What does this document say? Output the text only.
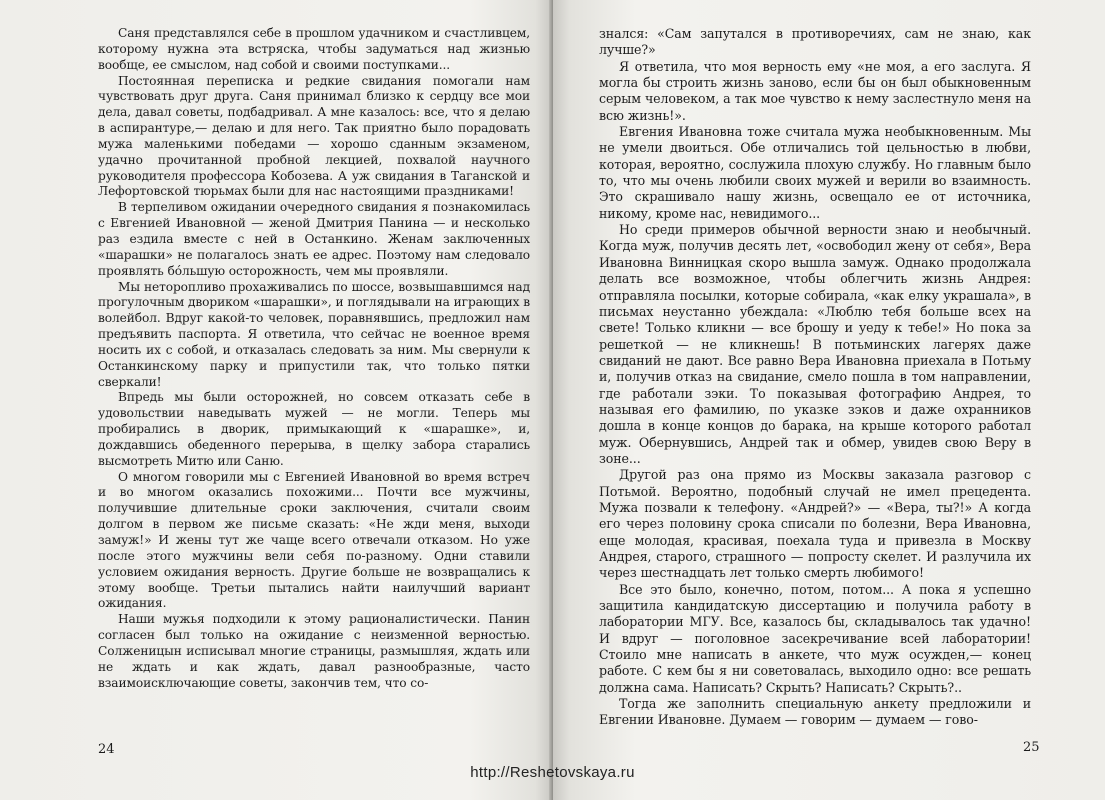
Саня представлялся себе в прошлом удачником и счастливцем, которому нужна эта встряска, чтобы задуматься над жизнью вообще, ее смыслом, над собой и своими поступками...

Постоянная переписка и редкие свидания помогали нам чувствовать друг друга. Саня принимал близко к сердцу все мои дела, давал советы, подбадривал. А мне казалось: все, что я делаю в аспирантуре,— делаю и для него. Так приятно было порадовать мужа маленькими победами — хорошо сданным экзаменом, удачно прочитанной пробной лекцией, похвалой научного руководителя профессора Кобозева. А уж свидания в Таганской и Лефортовской тюрьмах были для нас настоящими праздниками!

В терпеливом ожидании очередного свидания я познакомилась с Евгенией Ивановной — женой Дмитрия Панина — и несколько раз ездила вместе с ней в Останкино. Женам заключенных «шарашки» не полагалось знать ее адрес. Поэтому нам следовало проявлять бóльшую осторожность, чем мы проявляли.

Мы неторопливо прохаживались по шоссе, возвышавшимся над прогулочным двориком «шарашки», и поглядывали на играющих в волейбол. Вдруг какой-то человек, поравнявшись, предложил нам предъявить паспорта. Я ответила, что сейчас не военное время носить их с собой, и отказалась следовать за ним. Мы свернули к Останкинскому парку и припустили так, что только пятки сверкали!

Впредь мы были осторожней, но совсем отказать себе в удовольствии наведывать мужей — не могли. Теперь мы пробирались в дворик, примыкающий к «шарашке», и, дождавшись обеденного перерыва, в щелку забора старались высмотреть Митю или Саню.

О многом говорили мы с Евгенией Ивановной во время встреч и во многом оказались похожими... Почти все мужчины, получившие длительные сроки заключения, считали своим долгом в первом же письме сказать: «Не жди меня, выходи замуж!» И жены тут же чаще всего отвечали отказом. Но уже после этого мужчины вели себя по-разному. Одни ставили условием ожидания верность. Другие больше не возвращались к этому вообще. Третьи пытались найти наилучший вариант ожидания.

Наши мужья подходили к этому рационалистически. Панин согласен был только на ожидание с неизменной верностью. Солженицын исписывал многие страницы, размышляя, ждать или не ждать и как ждать, давал разнообразные, часто взаимоисключающие советы, закончив тем, что со-

24

знался: «Сам запутался в противоречиях, сам не знаю, как лучше?»

Я ответила, что моя верность ему «не моя, а его заслуга. Я могла бы строить жизнь заново, если бы он был обыкновенным серым человеком, а так мое чувство к нему заслестнуло меня на всю жизнь!».

Евгения Ивановна тоже считала мужа необыкновенным. Мы не умели двоиться. Обе отличались той цельностью в любви, которая, вероятно, сослужила плохую службу. Но главным было то, что мы очень любили своих мужей и верили во взаимность. Это скрашивало нашу жизнь, освещало ее от источника, никому, кроме нас, невидимого...

Но среди примеров обычной верности знаю и необычный. Когда муж, получив десять лет, «освободил жену от себя», Вера Ивановна Винницкая скоро вышла замуж. Однако продолжала делать все возможное, чтобы облегчить жизнь Андрея: отправляла посылки, которые собирала, «как елку украшала», в письмах неустанно убеждала: «Люблю тебя больше всех на свете! Только кликни — все брошу и уеду к тебе!» Но пока за решеткой — не кликнешь! В потьминских лагерях даже свиданий не дают. Все равно Вера Ивановна приехала в Потьму и, получив отказ на свидание, смело пошла в том направлении, где работали зэки. То показывая фотографию Андрея, то называя его фамилию, по указке зэков и даже охранников дошла в конце концов до барака, на крыше которого работал муж. Обернувшись, Андрей так и обмер, увидев свою Веру в зоне...

Другой раз она прямо из Москвы заказала разговор с Потьмой. Вероятно, подобный случай не имел прецедента. Мужа позвали к телефону. «Андрей?» — «Вера, ты?!» А когда его через половину срока списали по болезни, Вера Ивановна, еще молодая, красивая, поехала туда и привезла в Москву Андрея, старого, страшного — попросту скелет. И разлучила их через шестнадцать лет только смерть любимого!

Все это было, конечно, потом, потом... А пока я успешно защитила кандидатскую диссертацию и получила работу в лаборатории МГУ. Все, казалось бы, складывалось так удачно! И вдруг — поголовное засекречивание всей лаборатории! Стоило мне написать в анкете, что муж осужден,— конец работе. С кем бы я ни советовалась, выходило одно: все решать должна сама. Написать? Скрыть? Написать? Скрыть?..

Тогда же заполнить специальную анкету предложили и Евгении Ивановне. Думаем — говорим — думаем — гово-

25
http://Reshetovskaya.ru
